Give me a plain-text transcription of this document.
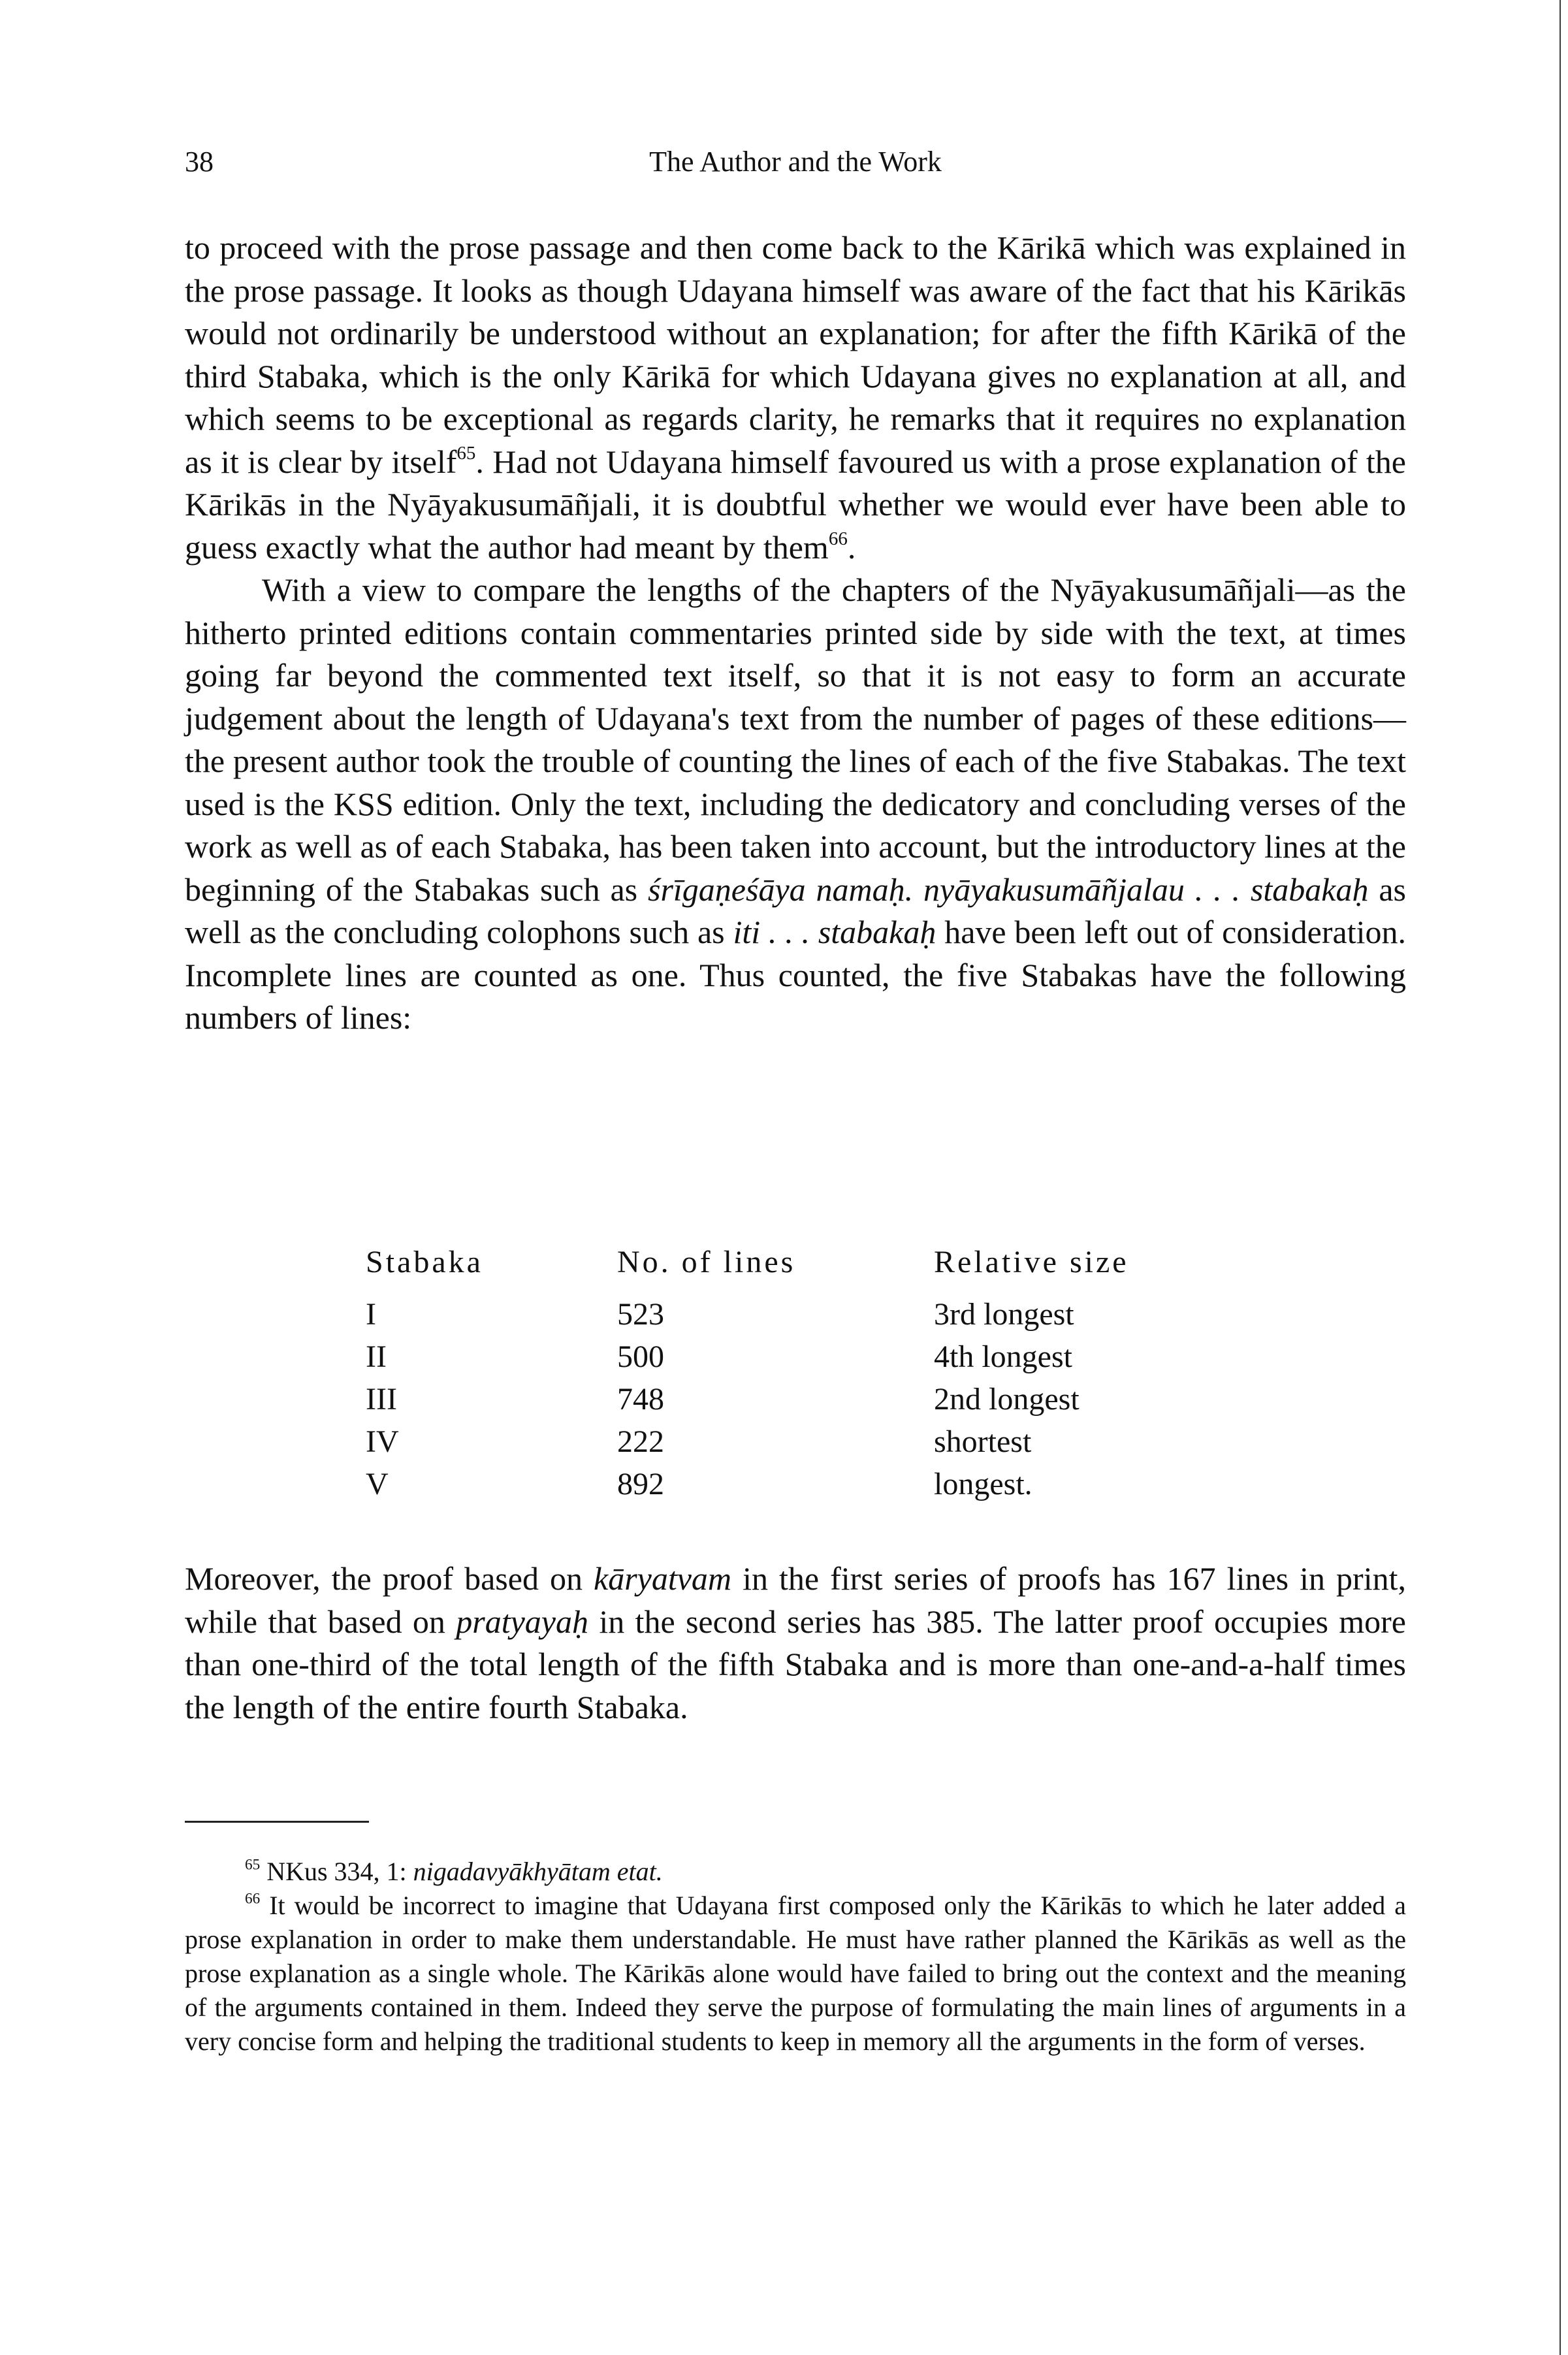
38	The Author and the Work

to proceed with the prose passage and then come back to the Kārikā which was explained in the prose passage. It looks as though Udayana himself was aware of the fact that his Kārikās would not ordinarily be understood without an explanation; for after the fifth Kārikā of the third Stabaka, which is the only Kārikā for which Udayana gives no explanation at all, and which seems to be exceptional as regards clarity, he remarks that it requires no explanation as it is clear by itself$^{65}$. Had not Udayana himself favoured us with a prose explanation of the Kārikās in the Nyāyakusumāñjali, it is doubtful whether we would ever have been able to guess exactly what the author had meant by them$^{66}$.

With a view to compare the lengths of the chapters of the Nyāyakusumāñjali—as the hitherto printed editions contain commentaries printed side by side with the text, at times going far beyond the commented text itself, so that it is not easy to form an accurate judgement about the length of Udayana's text from the number of pages of these editions—the present author took the trouble of counting the lines of each of the five Stabakas. The text used is the KSS edition. Only the text, including the dedicatory and concluding verses of the work as well as of each Stabaka, has been taken into account, but the introductory lines at the beginning of the Stabakas such as śrīgaṇeśāya namaḥ. nyāyakusumāñjalau . . . stabakaḥ as well as the concluding colophons such as iti . . . stabakaḥ have been left out of consideration. Incomplete lines are counted as one. Thus counted, the five Stabakas have the following numbers of lines:

Stabaka	No. of lines	Relative size
I	523	3rd longest
II	500	4th longest
III	748	2nd longest
IV	222	shortest
V	892	longest.
Moreover, the proof based on kāryatvam in the first series of proofs has 167 lines in print, while that based on pratyayaḥ in the second series has 385. The latter proof occupies more than one-third of the total length of the fifth Stabaka and is more than one-and-a-half times the length of the entire fourth Stabaka.

$^{65}$ NKus 334, 1: nigadavyākhyātam etat.

$^{66}$ It would be incorrect to imagine that Udayana first composed only the Kārikās to which he later added a prose explanation in order to make them understandable. He must have rather planned the Kārikās as well as the prose explanation as a single whole. The Kārikās alone would have failed to bring out the context and the meaning of the arguments contained in them. Indeed they serve the purpose of formulating the main lines of arguments in a very concise form and helping the traditional students to keep in memory all the arguments in the form of verses.
